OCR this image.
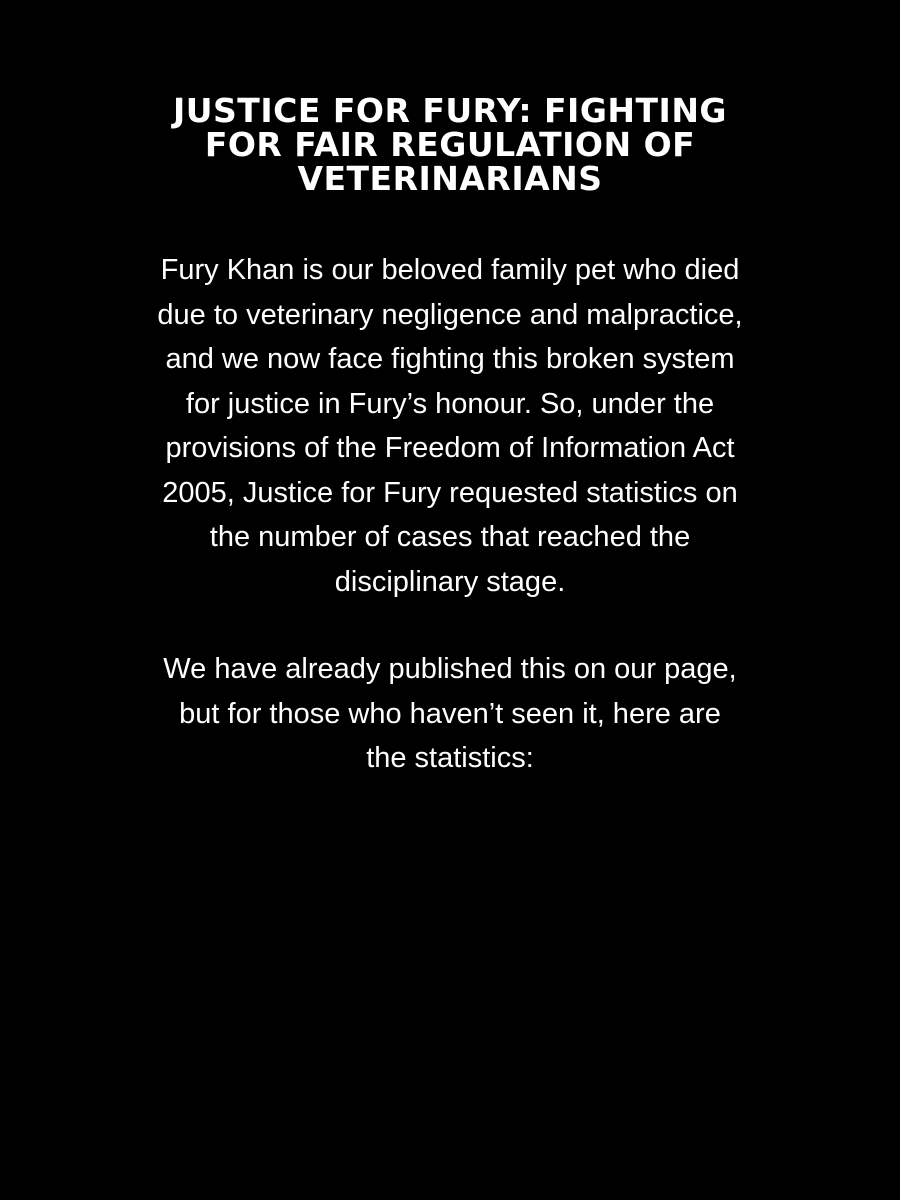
JUSTICE FOR FURY: FIGHTING
FOR FAIR REGULATION OF
VETERINARIANS

Fury Khan is our beloved family pet who died
due to veterinary negligence and malpractice,
and we now face fighting this broken system
for justice in Fury’s honour. So, under the
provisions of the Freedom of Information Act
2005, Justice for Fury requested statistics on
the number of cases that reached the
disciplinary stage.

We have already published this on our page,
but for those who haven’t seen it, here are
the statistics:
